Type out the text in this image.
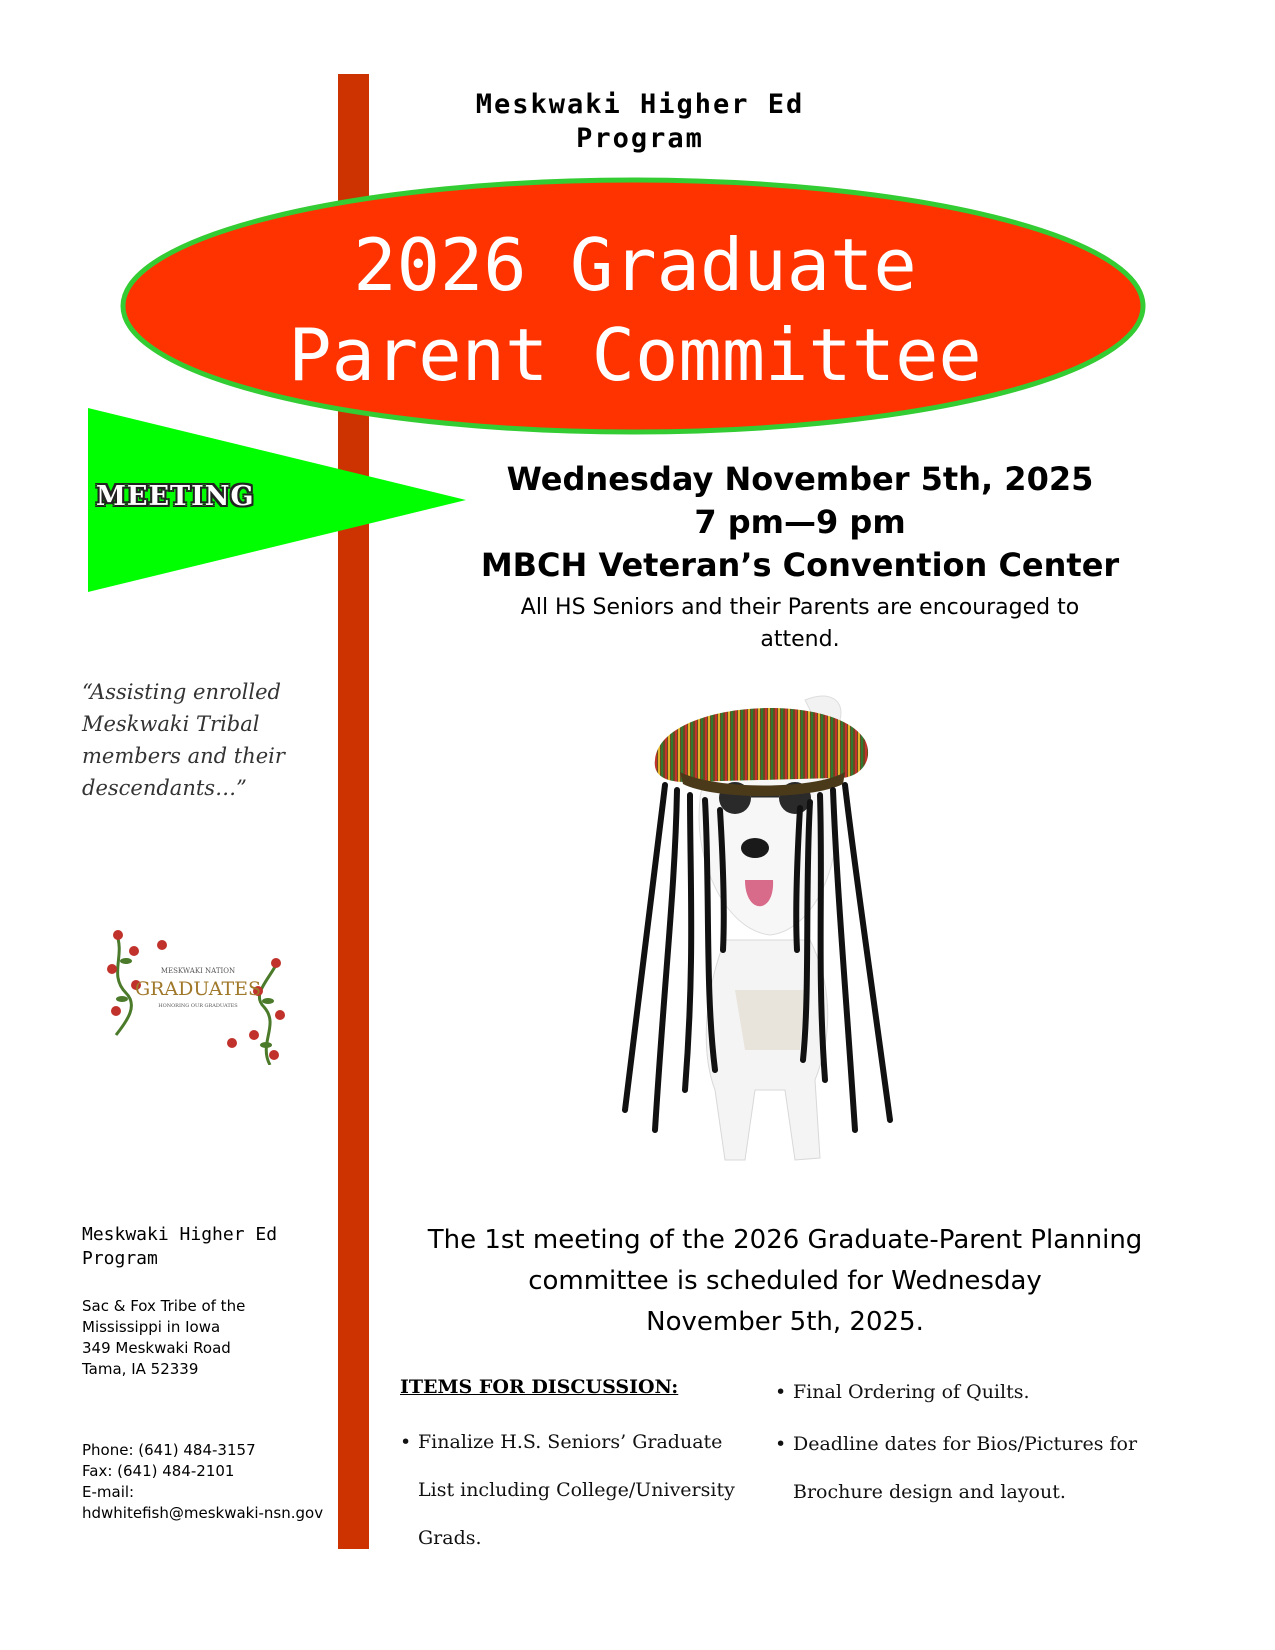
Meskwaki Higher Ed
Program
2026 Graduate
Parent Committee
MEETING	Wednesday November 5th, 2025
7 pm—9 pm
MBCH Veteran’s Convention Center
All HS Seniors and their Parents are encouraged to attend.
“Assisting enrolled
Meskwaki Tribal
members and their
descendants…”
MESKWAKI NATION
GRADUATES
HONORING OUR GRADUATES
Meskwaki Higher Ed
Program
Sac & Fox Tribe of the
Mississippi in Iowa
349 Meskwaki Road
Tama, IA 52339
Phone: (641) 484-3157
Fax: (641) 484-2101
E-mail:
hdwhitefish@meskwaki-nsn.gov
The 1st meeting of the 2026 Graduate-Parent Planning
committee is scheduled for Wednesday
November 5th, 2025.
ITEMS FOR DISCUSSION:
• Finalize H.S. Seniors’ Graduate List including College/University Grads.
• Final Ordering of Quilts.
• Deadline dates for Bios/Pictures for Brochure design and layout.
